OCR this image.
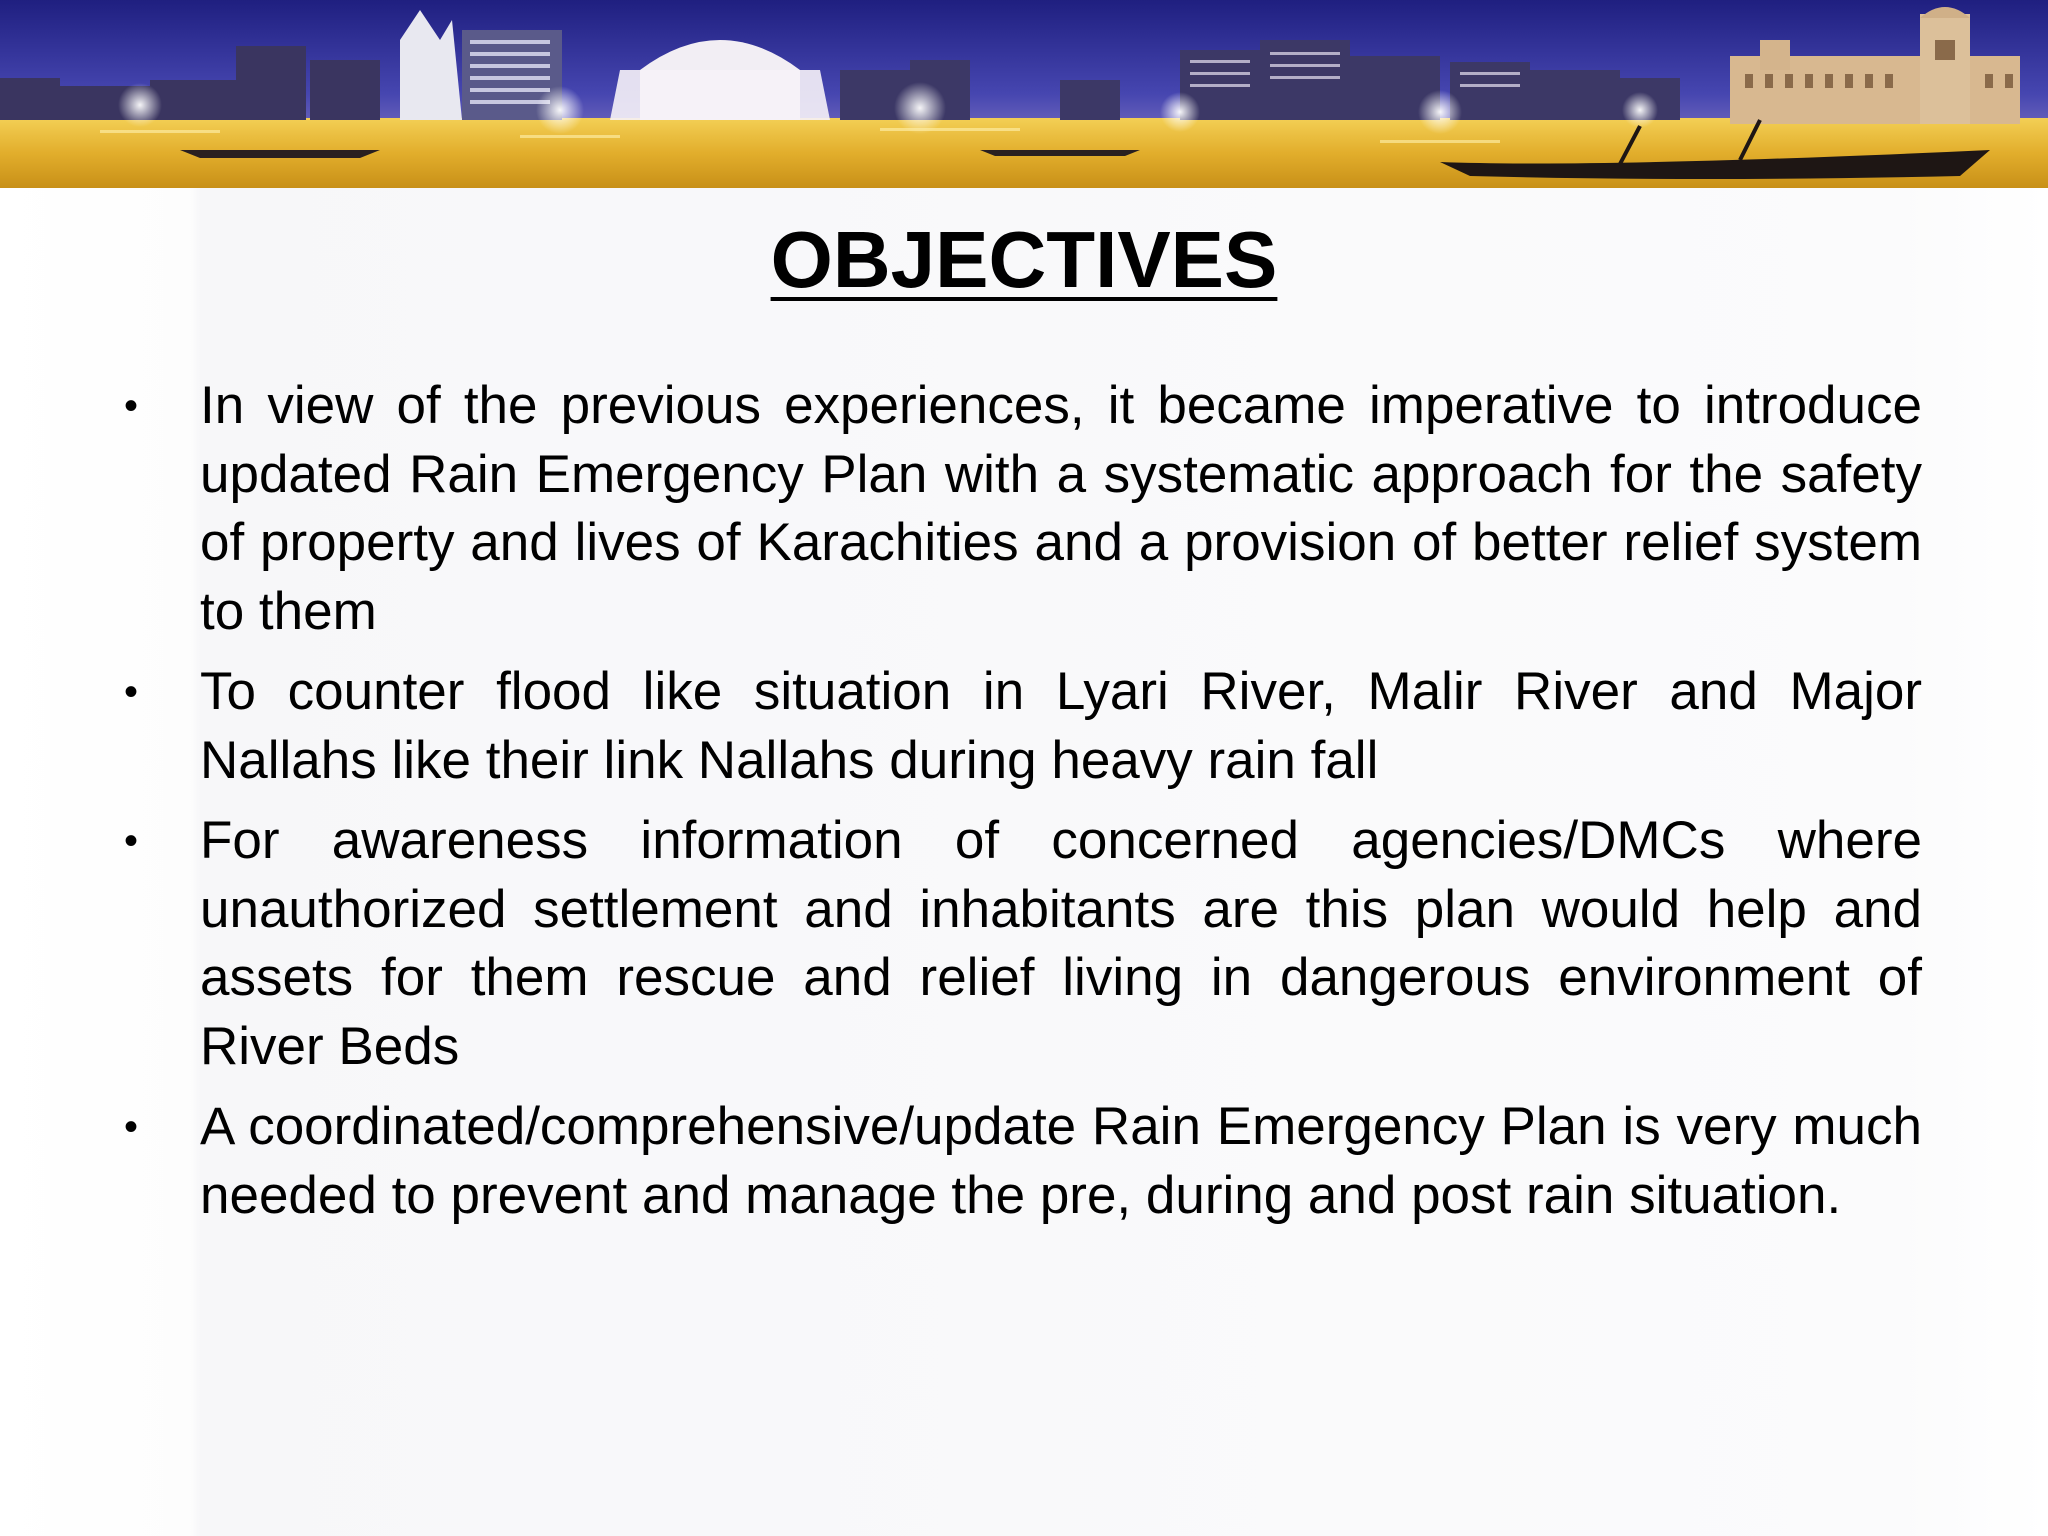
OBJECTIVES
• In view of the previous experiences, it became imperative to introduce updated Rain Emergency Plan with a systematic approach for the safety of property and lives of Karachities and a provision of better relief system to them
• To counter flood like situation in Lyari River, Malir River and Major Nallahs like their link Nallahs during heavy rain fall
• For awareness information of concerned agencies/DMCs where unauthorized settlement and inhabitants are this plan would help and assets for them rescue and relief living in dangerous environment of River Beds
• A coordinated/comprehensive/update Rain Emergency Plan is very much needed to prevent and manage the pre, during and post rain situation.
